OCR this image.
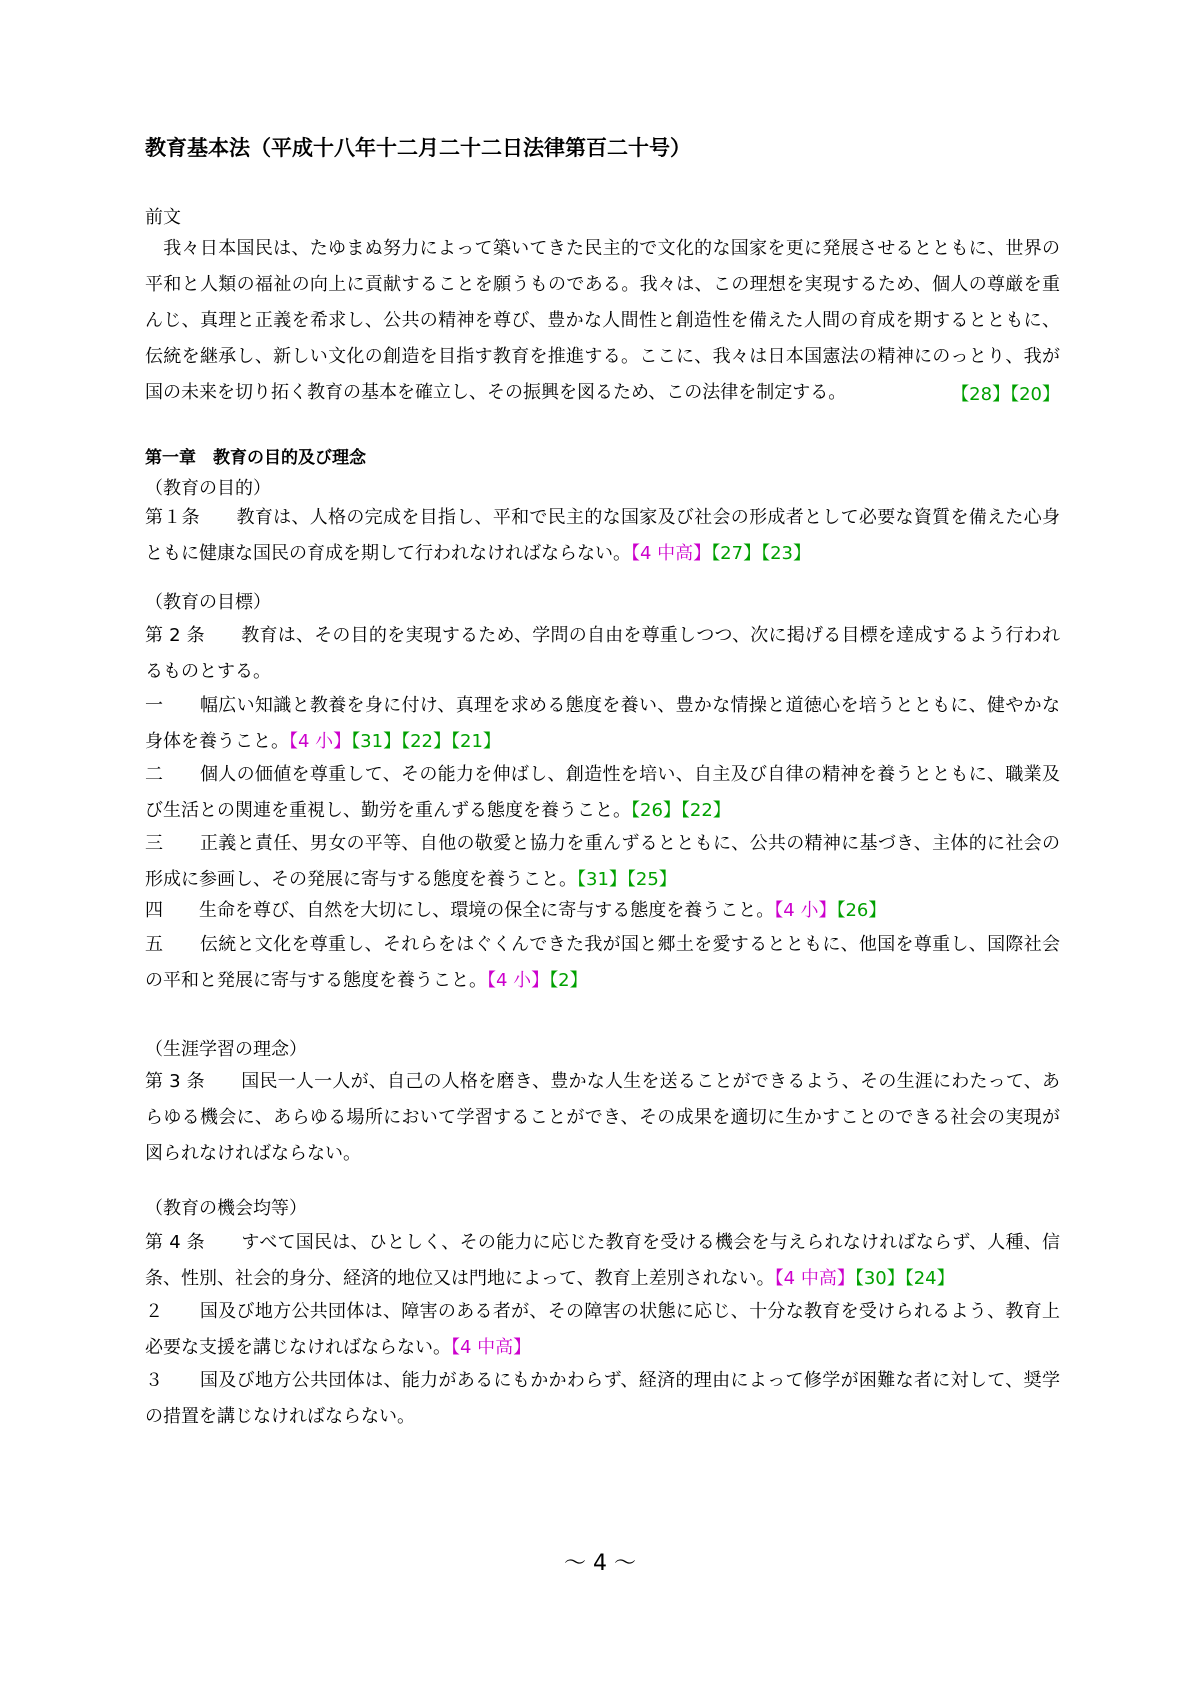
教育基本法（平成十八年十二月二十二日法律第百二十号）
前文
　我々日本国民は、たゆまぬ努力によって築いてきた民主的で文化的な国家を更に発展させるとともに、世界の平和と人類の福祉の向上に貢献することを願うものである。我々は、この理想を実現するため、個人の尊厳を重んじ、真理と正義を希求し、公共の精神を尊び、豊かな人間性と創造性を備えた人間の育成を期するとともに、伝統を継承し、新しい文化の創造を目指す教育を推進する。ここに、我々は日本国憲法の精神にのっとり、我が国の未来を切り拓く教育の基本を確立し、その振興を図るため、この法律を制定する。	【28】【20】
第一章　教育の目的及び理念
（教育の目的）
第１条　　教育は、人格の完成を目指し、平和で民主的な国家及び社会の形成者として必要な資質を備えた心身ともに健康な国民の育成を期して行われなければならない。【4 中高】【27】【23】
（教育の目標）
第 2 条　　教育は、その目的を実現するため、学問の自由を尊重しつつ、次に掲げる目標を達成するよう行われるものとする。
一　　幅広い知識と教養を身に付け、真理を求める態度を養い、豊かな情操と道徳心を培うとともに、健やかな身体を養うこと。【4 小】【31】【22】【21】
二　　個人の価値を尊重して、その能力を伸ばし、創造性を培い、自主及び自律の精神を養うとともに、職業及び生活との関連を重視し、勤労を重んずる態度を養うこと。【26】【22】
三　　正義と責任、男女の平等、自他の敬愛と協力を重んずるとともに、公共の精神に基づき、主体的に社会の形成に参画し、その発展に寄与する態度を養うこと。【31】【25】
四　　生命を尊び、自然を大切にし、環境の保全に寄与する態度を養うこと。【4 小】【26】
五　　伝統と文化を尊重し、それらをはぐくんできた我が国と郷土を愛するとともに、他国を尊重し、国際社会の平和と発展に寄与する態度を養うこと。【4 小】【2】
（生涯学習の理念）
第 3 条　　国民一人一人が、自己の人格を磨き、豊かな人生を送ることができるよう、その生涯にわたって、あらゆる機会に、あらゆる場所において学習することができ、その成果を適切に生かすことのできる社会の実現が図られなければならない。
（教育の機会均等）
第 4 条　　すべて国民は、ひとしく、その能力に応じた教育を受ける機会を与えられなければならず、人種、信条、性別、社会的身分、経済的地位又は門地によって、教育上差別されない。【4 中高】【30】【24】
２　　国及び地方公共団体は、障害のある者が、その障害の状態に応じ、十分な教育を受けられるよう、教育上必要な支援を講じなければならない。【4 中高】
３　　国及び地方公共団体は、能力があるにもかかわらず、経済的理由によって修学が困難な者に対して、奨学の措置を講じなければならない。
～ 4 ～
